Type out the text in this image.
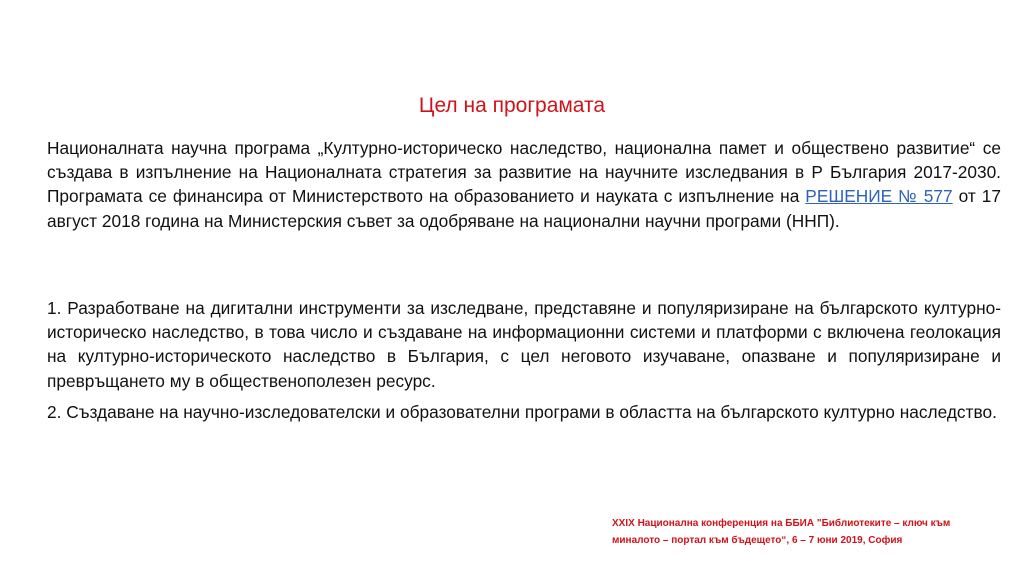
Цел на програмата

Националната научна програма „Културно-историческо наследство, национална памет и обществено развитие“ се създава в изпълнение на Националната стратегия за развитие на научните изследвания в Р България 2017-2030. Програмата се финансира от Министерството на образованието и науката с изпълнение на РЕШЕНИЕ № 577 от 17 август 2018 година на Министерския съвет за одобряване на национални научни програми (ННП).

1. Разработване на дигитални инструменти за изследване, представяне и популяризиране на българското културно-историческо наследство, в това число и създаване на информационни системи и платформи с включена геолокация на културно-историческото наследство в България, с цел неговото изучаване, опазване и популяризиране и превръщането му в общественополезен ресурс.

2. Създаване на научно-изследователски и образователни програми в областта на българското културно наследство.

XXIX Национална конференция на ББИА "Библиотеките – ключ към
миналото – портал към бъдещето“, 6 – 7 юни 2019, София
